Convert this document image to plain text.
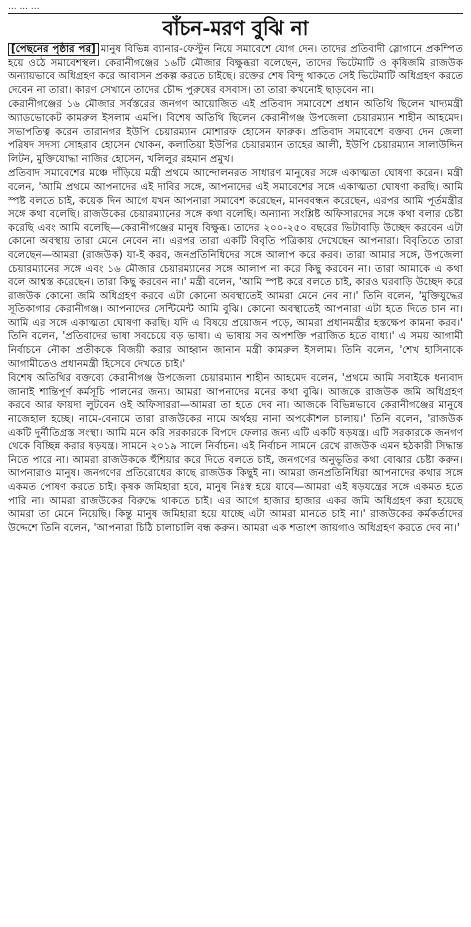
... ... ...
বাঁচন-মরণ বুঝি না

[পেছনের পৃষ্ঠার পর] মানুষ বিভিন্ন ব্যানার-ফেস্টুন নিয়ে সমাবেশে যোগ দেন। তাদের প্রতিবাদী স্লোগানে প্রকম্পিত হয়ে ওঠে সমাবেশস্থল। কেরানীগঞ্জের ১৬টি মৌজার বিক্ষুব্ধরা বলেছেন, তাদের ভিটেমাটি ও কৃষিজমি রাজউক অন্যায়ভাবে অধিগ্রহণ করে আবাসন প্রকল্প করতে চাইছে। রক্তের শেষ বিন্দু থাকতে সেই ভিটেমাটি অধিগ্রহণ করতে দেবেন না তারা। কারণ সেখানে তাদের চৌদ্দ পুরুষের বসবাস। তা তারা কখনোই ছাড়বেন না।

কেরানীগঞ্জের ১৬ মৌজার সর্বস্তরের জনগণ আয়োজিত এই প্রতিবাদ সমাবেশে প্রধান অতিথি ছিলেন খাদ্যমন্ত্রী অ্যাডভোকেট কামরুল ইসলাম এমপি। বিশেষ অতিথি ছিলেন কেরানীগঞ্জ উপজেলা চেয়ারম্যান শাহীন আহমেদ। সভাপতিত্ব করেন তারানগর ইউপি চেয়ারম্যান মোশারফ হোসেন ফারুক। প্রতিবাদ সমাবেশে বক্তব্য দেন জেলা পরিষদ সদস্য সোহরাব হোসেন খোকন, কলাতিয়া ইউপির চেয়ারম্যান তাহের আলী, ইউপি চেয়ারম্যান সালাউদ্দিন লিটন, মুক্তিযোদ্ধা নাজির হোসেন, খলিলুর রহমান প্রমুখ।

প্রতিবাদ সমাবেশের মঞ্চে দাঁড়িয়ে মন্ত্রী প্রথমে আন্দোলনরত সাধারণ মানুষের সঙ্গে একাত্মতা ঘোষণা করেন। মন্ত্রী বলেন, 'আমি প্রথমে আপনাদের এই দাবির সঙ্গে, আপনাদের এই সমাবেশের সঙ্গে একাত্মতা ঘোষণা করছি। আমি স্পষ্ট বলতে চাই, কয়েক দিন আগে যখন আপনারা সমাবেশ করেছেন, মানববন্ধন করেছেন, এরপর আমি পূর্তমন্ত্রীর সঙ্গে কথা বলেছি। রাজউকের চেয়ারম্যানের সঙ্গে কথা বলেছি। অন্যান্য সংশ্লিষ্ট অফিসারদের সঙ্গে কথা বলার চেষ্টা করেছি এবং আমি বলেছি—কেরানীগঞ্জের মানুষ বিক্ষুব্ধ। তাদের ২০০-২৫০ বছরের ভিটাবাড়ি উচ্ছেদ করবেন এটা কোনো অবস্থায় তারা মেনে নেবেন না। এরপর তারা একটি বিবৃতি পত্রিকায় দেখেছেন আপনারা। বিবৃতিতে তারা বলেছেন—আমরা (রাজউক) যা-ই করব, জনপ্রতিনিধিদের সঙ্গে আলাপ করে করব। তারা আমার সঙ্গে, উপজেলা চেয়ারম্যানের সঙ্গে এবং ১৬ মৌজার চেয়ারম্যানের সঙ্গে আলাপ না করে কিছু করবেন না। তারা আমাকে এ কথা বলে আশ্বস্ত করেছেন। তারা কিছু করবেন না।' মন্ত্রী বলেন, 'আমি স্পষ্ট করে বলতে চাই, কারও ঘরবাড়ি উচ্ছেদ করে রাজউক কোনো জমি অধিগ্রহণ করবে এটা কোনো অবস্থাতেই আমরা মেনে নেব না।' তিনি বলেন, 'মুক্তিযুদ্ধের সূতিকাগার কেরানীগঞ্জ। আপনাদের সেন্টিমেন্ট আমি বুঝি। কোনো অবস্থাতেই আপনারা এটা হতে দিতে চান না। আমি এর সঙ্গে একাত্মতা ঘোষণা করছি। যদি এ বিষয়ে প্রয়োজন পড়ে, আমরা প্রধানমন্ত্রীর হস্তক্ষেপ কামনা করব।' তিনি বলেন, 'প্রতিবাদের ভাষা সবচেয়ে বড় ভাষা। এ ভাষায় সব অপশক্তি পরাজিত হতে বাধ্য।' এ সময় আগামী নির্বাচনে নৌকা প্রতীককে বিজয়ী করার আহ্বান জানান মন্ত্রী কামরুল ইসলাম। তিনি বলেন, 'শেখ হাসিনাকে আগামীতেও প্রধানমন্ত্রী হিসেবে দেখতে চাই।'

বিশেষ অতিথির বক্তব্যে কেরানীগঞ্জ উপজেলা চেয়ারম্যান শাহীন আহমেদ বলেন, 'প্রথমে আমি সবাইকে ধন্যবাদ জানাই শান্তিপূর্ণ কর্মসূচি পালনের জন্য। আমরা আপনাদের মনের কথা বুঝি। আজকে রাজউক জমি অধিগ্রহণ করবে আর ফায়দা লুটবেন ওই অফিসাররা—আমরা তা হতে দেব না। আজকে বিভিন্নভাবে কেরানীগঞ্জের মানুষে নাজেহাল হচ্ছে। নামে-বেনামে তারা রাজউকের নামে অর্থহয় নানা অপকৌশল চালায়।' তিনি বলেন, 'রাজউক একটি দুর্নীতিগ্রস্ত সংস্থা। আমি মনে করি সরকারকে বিপদে ফেলার জন্য এটি একটি ষড়যন্ত্র। এটি সরকারকে জনগণ থেকে বিচ্ছিন্ন করার ষড়যন্ত্র। সামনে ২০১৯ সালে নির্বাচন। এই নির্বাচন সামনে রেখে রাজউক এমন হঠকারী সিদ্ধান্ত নিতে পারে না। আমরা রাজউককে হুঁশিয়ার করে দিতে বলতে চাই, জনগণের অনুভূতির কথা বোঝার চেষ্টা করুন। আপনারাও মানুষ। জনগণের প্রতিরোধের কাছে রাজউক কিছুই না। আমরা জনপ্রতিনিধিরা আপনাদের কথার সঙ্গে একমত পোষণ করতে চাই। কৃষক জমিহারা হবে, মানুষ নিঃস্ব হয়ে যাবে—আমরা এই ষড়যন্ত্রের সঙ্গে একমত হতে পারি না। আমরা রাজউকের বিরুদ্ধে থাকতে চাই। এর আগে হাজার হাজার একর জমি অধিগ্রহণ করা হয়েছে আমরা তা মেনে নিয়েছি। কিন্তু মানুষ জমিহারা হয়ে যাচ্ছে এটা আমরা মানতে চাই না।' রাজউকের কর্মকর্তাদের উদ্দেশে তিনি বলেন, 'আপনারা চিঠি চালাচালি বন্ধ করুন। আমরা এক শতাংশ জায়গাও অধিগ্রহণ করতে দেব না।'
